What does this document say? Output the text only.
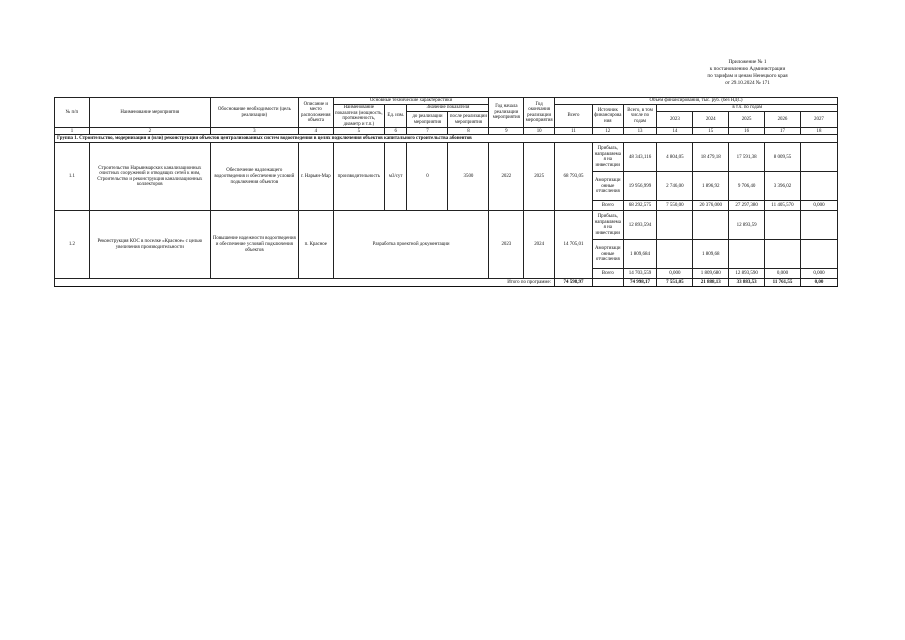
Приложение № 1
к постановлению Администрации
по тарифам и ценам Ненецкого края
от 29.10.2024 № 171
№ п/п	Наименование мероприятия	Обоснование необходимости (цель реализации)	Описание и место расположения объекта	Основные технические характеристики				Год начала реализации мероприятия	Год окончания реализации мероприятия	Объем финансирования, тыс. руб. (без НДС)							
				Наименование показателя (мощность, протяженность, диаметр и т.п.)	Ед. изм.	Значение показателя				Всего	Источник финансирования	Всего, в том числе по годам	в т.ч. по годам				
						до реализации мероприятия	после реализации мероприятия						2023	2024	2025	2026	2027

1	2	3	4	5	6	7	8	9	10	11	12	13	14	15	16	17	18
Группа 1. Строительство, модернизация и (или) реконструкция объектов централизованных систем водоотведения в целях подключения объектов капитального строительства абонентов																	
1.1	Строительство Нарьянмарских канализационных очистных сооружений и отводящих сетей к ним, Строительство и реконструкция канализационных коллекторов	Обеспечение надлежащего водоотведения и обеспечение условий подключения объектов	г. Нарьян-Мар	производительность	м3/сут	0	3500	2022	2025	68 793,05	Прибыль, направляемая на инвестиции	48 343,116	4 804,05	18 479,18	17 591,38	8 009,55	
											Амортизационные отчисления	19 956,999	2 746,00	1 896,92	9 706,40	3 396,02	
											Всего	68 292,575	7 550,00	20 376,000	27 297,380	11 405,570	0,000
1.2	Реконструкция КОС в поселке «Красное» с целью увеличения производительности	Повышение надежности водоотведения и обеспечение условий подключения объектов	п. Красное	Разработка проектной документации				2023	2024	14 705,01	Прибыль, направляемая на инвестиции	12 893,594			12 893,59		
											Амортизационные отчисления	1 809,684		1 809,68			
											Всего	14 703,559	0,000	1 809,680	12 893,590	0,000	0,000
Итого по программе:										74 598,97		74 998,17	7 551,05	21 888,13	33 883,53	11 761,55	0,00
